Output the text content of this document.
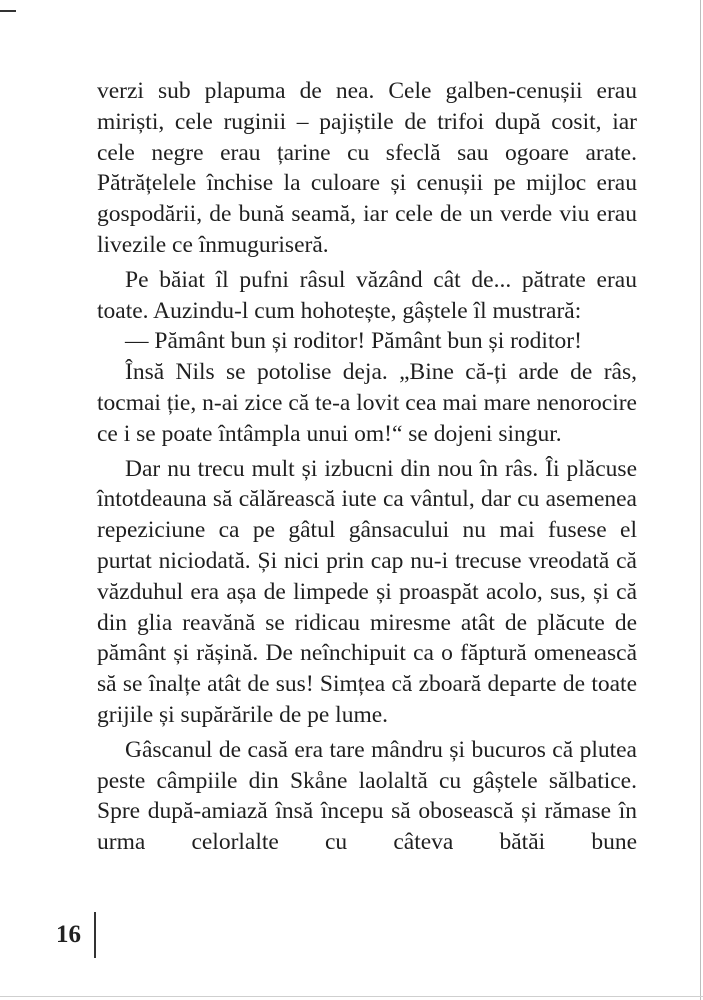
verzi sub plapuma de nea. Cele galben-cenușii erau miriști, cele ruginii – pajiștile de trifoi după cosit, iar cele negre erau țarine cu sfeclă sau ogoare arate. Pătrățelele închise la culoare și cenușii pe mijloc erau gospodării, de bună seamă, iar cele de un verde viu erau livezile ce înmuguriseră.

Pe băiat îl pufni râsul văzând cât de... pătrate erau toate. Auzindu-l cum hohotește, gâștele îl mustrară:

— Pământ bun și roditor! Pământ bun și roditor!

Însă Nils se potolise deja. „Bine că-ți arde de râs, tocmai ție, n-ai zice că te-a lovit cea mai mare nenorocire ce i se poate întâmpla unui om!“ se dojeni singur.

Dar nu trecu mult și izbucni din nou în râs. Îi plăcuse întotdeauna să călărească iute ca vântul, dar cu asemenea repeziciune ca pe gâtul gânsacului nu mai fusese el purtat niciodată. Și nici prin cap nu-i trecuse vreodată că văzduhul era așa de limpede și proaspăt acolo, sus, și că din glia reavănă se ridicau miresme atât de plăcute de pământ și rășină. De neînchipuit ca o făptură omenească să se înalțe atât de sus! Simțea că zboară departe de toate grijile și supărările de pe lume.

Gâscanul de casă era tare mândru și bucuros că plutea peste câmpiile din Skåne laolaltă cu gâștele sălbatice. Spre după-amiază însă începu să obosească și rămase în urma celorlalte cu câteva bătăi bune

16
